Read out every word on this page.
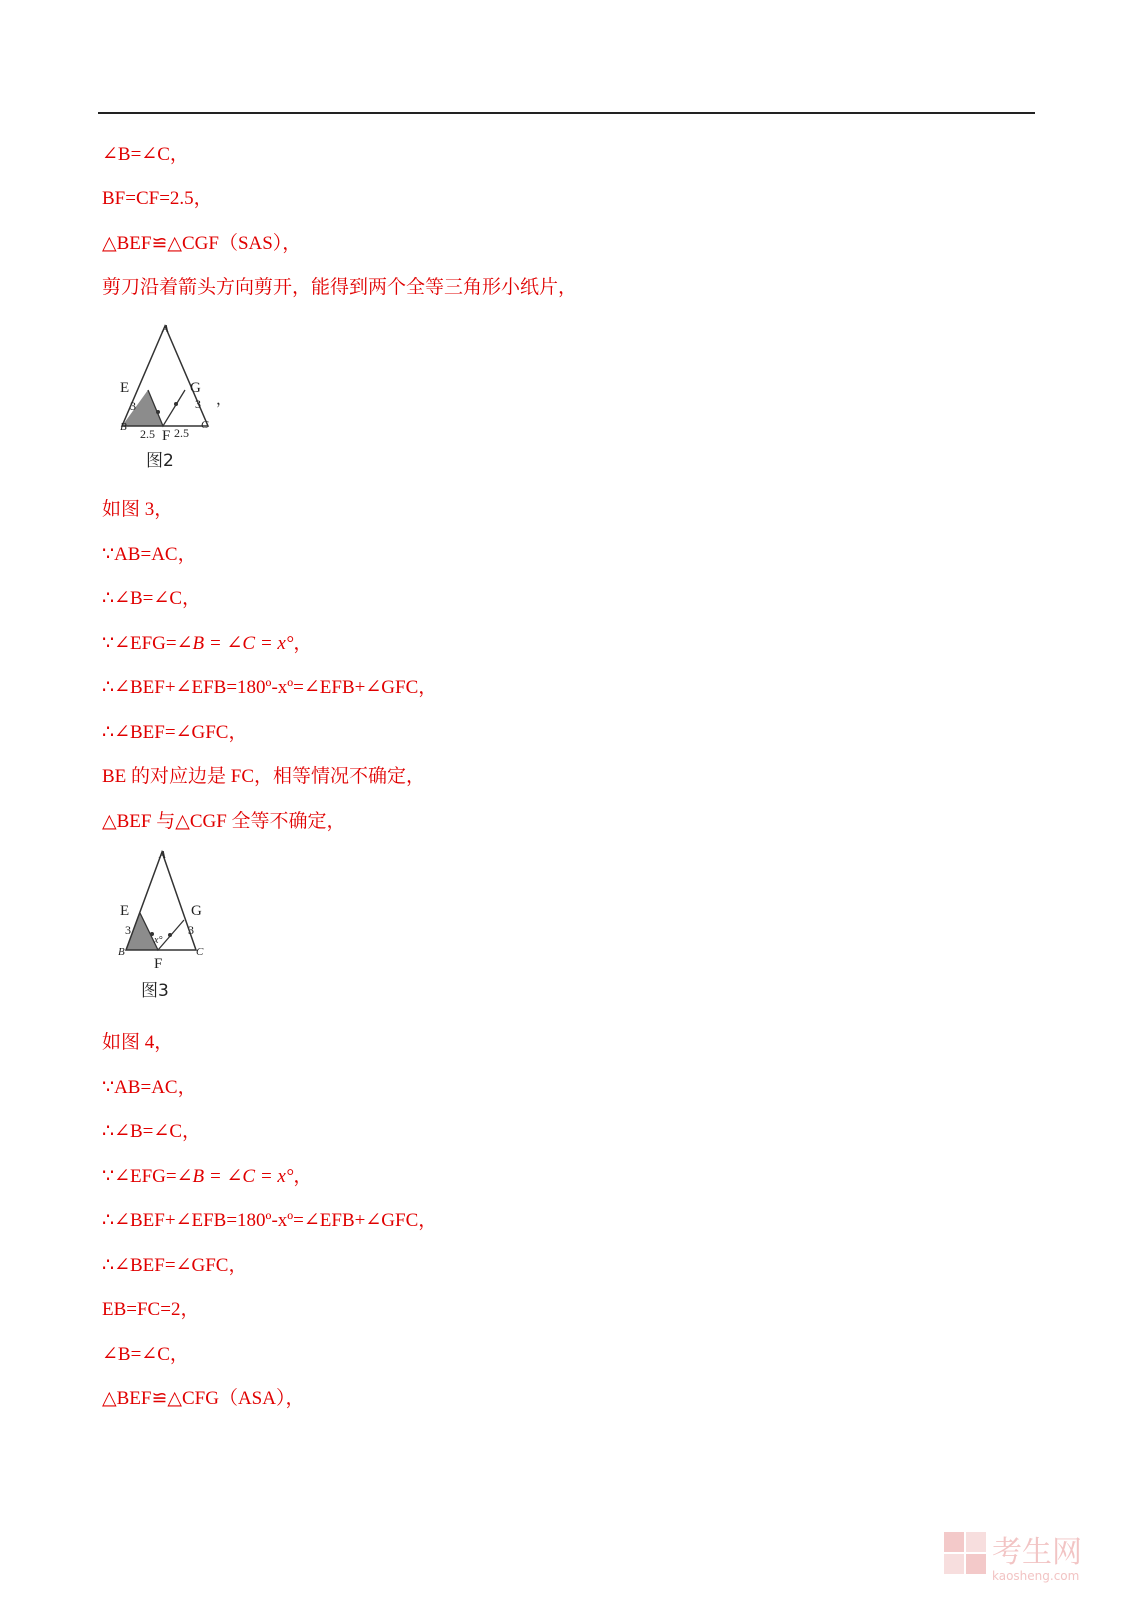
∠B=∠C，
BF=CF=2.5，
△BEF≌△CGF（SAS），
剪刀沿着箭头方向剪开，能得到两个全等三角形小纸片，
A
E	G
3	3
B	C
2.5 F 2.5
，
图2
如图 3，
∵AB=AC，
∴∠B=∠C，
∵∠EFG=∠B = ∠C = x°，
∴∠BEF+∠EFB=180º-xº=∠EFB+∠GFC，
∴∠BEF=∠GFC，
BE 的对应边是 FC，相等情况不确定，
△BEF 与△CGF 全等不确定，
A
E	G
3	3
x°
B	C
F
图3
如图 4，
∵AB=AC，
∴∠B=∠C，
∵∠EFG=∠B = ∠C = x°，
∴∠BEF+∠EFB=180º-xº=∠EFB+∠GFC，
∴∠BEF=∠GFC，
EB=FC=2，
∠B=∠C，
△BEF≌△CFG（ASA），
考生网
kaosheng.com
